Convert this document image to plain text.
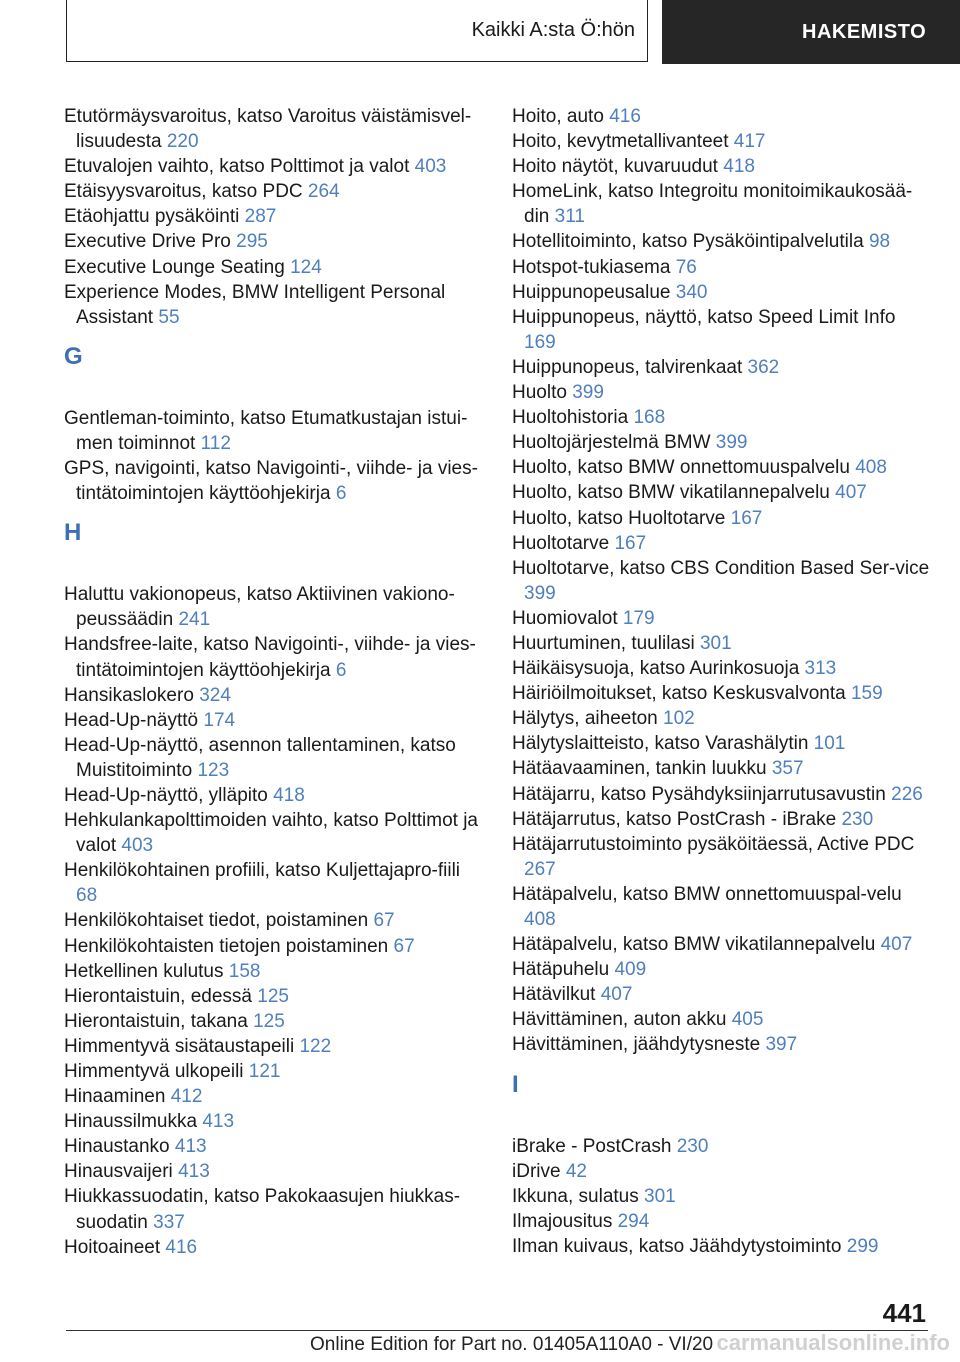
Kaikki A:sta Ö:hön	HAKEMISTO
Etutörmäysvaroitus, katso Varoitus väistämisvel‐lisuudesta 220
Etuvalojen vaihto, katso Polttimot ja valot 403
Etäisyysvaroitus, katso PDC 264
Etäohjattu pysäköinti 287
Executive Drive Pro 295
Executive Lounge Seating 124
Experience Modes, BMW Intelligent Personal Assistant 55
G
Gentleman-toiminto, katso Etumatkustajan istui‐men toiminnot 112
GPS, navigointi, katso Navigointi-, viihde- ja vies‐tintätoimintojen käyttöohjekirja 6
H
Haluttu vakionopeus, katso Aktiivinen vakiono‐peussäädin 241
Handsfree-laite, katso Navigointi-, viihde- ja vies‐tintätoimintojen käyttöohjekirja 6
Hansikaslokero 324
Head-Up-näyttö 174
Head-Up-näyttö, asennon tallentaminen, katso Muistitoiminto 123
Head-Up-näyttö, ylläpito 418
Hehkulankapolttimoiden vaihto, katso Polttimot ja valot 403
Henkilökohtainen profiili, katso Kuljettajapro‐fiili 68
Henkilökohtaiset tiedot, poistaminen 67
Henkilökohtaisten tietojen poistaminen 67
Hetkellinen kulutus 158
Hierontaistuin, edessä 125
Hierontaistuin, takana 125
Himmentyvä sisätaustapeili 122
Himmentyvä ulkopeili 121
Hinaaminen 412
Hinaussilmukka 413
Hinaustanko 413
Hinausvaijeri 413
Hiukkassuodatin, katso Pakokaasujen hiukkas‐suodatin 337
Hoitoaineet 416
Hoito, auto 416
Hoito, kevytmetallivanteet 417
Hoito näytöt, kuvaruudut 418
HomeLink, katso Integroitu monitoimikaukosää‐din 311
Hotellitoiminto, katso Pysäköintipalvelutila 98
Hotspot-tukiasema 76
Huippunopeusalue 340
Huippunopeus, näyttö, katso Speed Limit Info 169
Huippunopeus, talvirenkaat 362
Huolto 399
Huoltohistoria 168
Huoltojärjestelmä BMW 399
Huolto, katso BMW onnettomuuspalvelu 408
Huolto, katso BMW vikatilannepalvelu 407
Huolto, katso Huoltotarve 167
Huoltotarve 167
Huoltotarve, katso CBS Condition Based Ser‐vice 399
Huomiovalot 179
Huurtuminen, tuulilasi 301
Häikäisysuoja, katso Aurinkosuoja 313
Häiriöilmoitukset, katso Keskusvalvonta 159
Hälytys, aiheeton 102
Hälytyslaitteisto, katso Varashälytin 101
Hätäavaaminen, tankin luukku 357
Hätäjarru, katso Pysähdyksiinjarrutusavustin 226
Hätäjarrutus, katso PostCrash - iBrake 230
Hätäjarrutustoiminto pysäköitäessä, Active PDC 267
Hätäpalvelu, katso BMW onnettomuuspal‐velu 408
Hätäpalvelu, katso BMW vikatilannepalvelu 407
Hätäpuhelu 409
Hätävilkut 407
Hävittäminen, auton akku 405
Hävittäminen, jäähdytysneste 397
I
iBrake - PostCrash 230
iDrive 42
Ikkuna, sulatus 301
Ilmajousitus 294
Ilman kuivaus, katso Jäähdytystoiminto 299
441
Online Edition for Part no. 01405A110A0 - VI/20 carmanualsonline.info
